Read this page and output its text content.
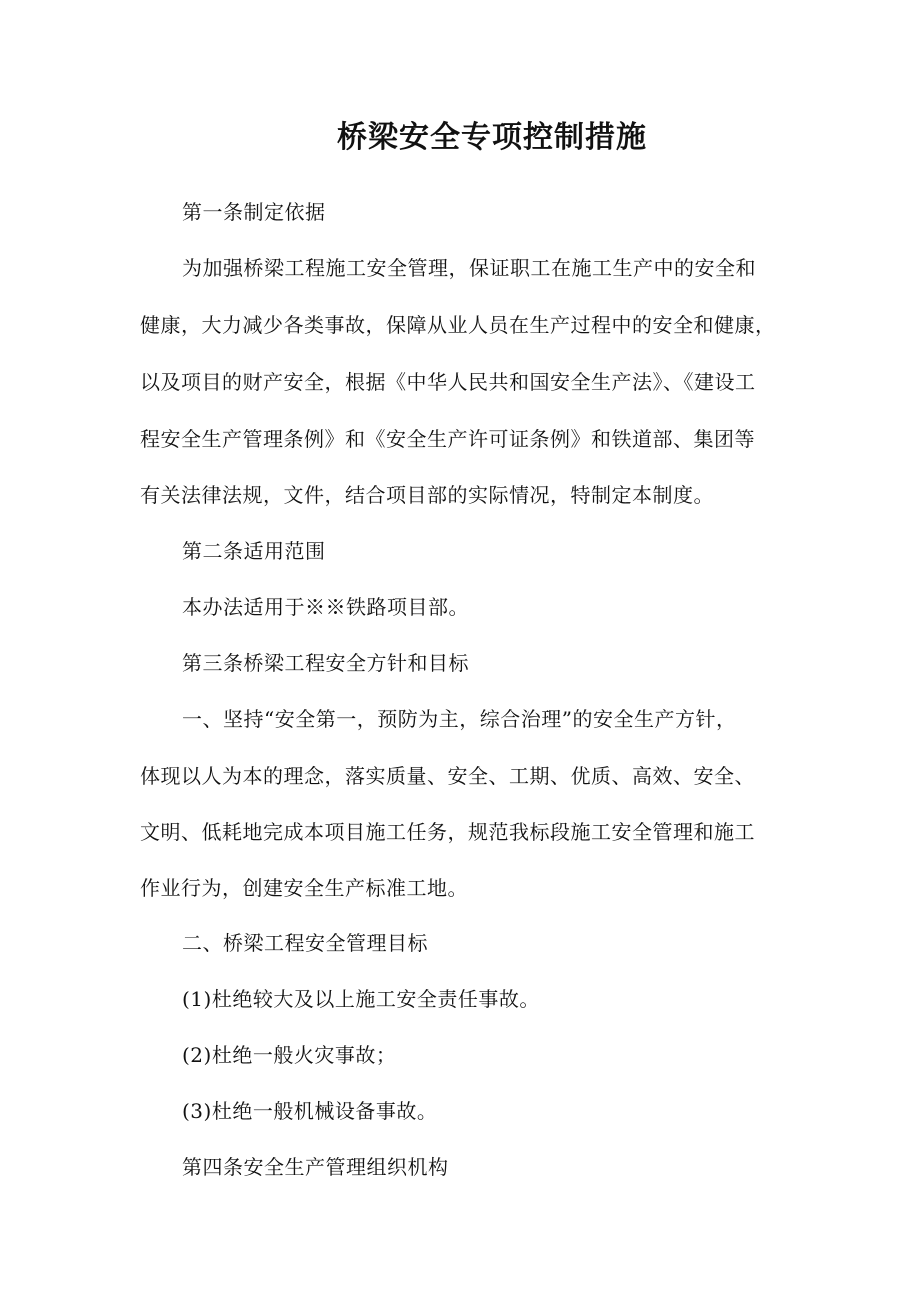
桥梁安全专项控制措施
第一条制定依据
为加强桥梁工程施工安全管理，保证职工在施工生产中的安全和
健康，大力减少各类事故，保障从业人员在生产过程中的安全和健康，
以及项目的财产安全，根据《中华人民共和国安全生产法》、《建设工
程安全生产管理条例》和《安全生产许可证条例》和铁道部、集团等
有关法律法规，文件，结合项目部的实际情况，特制定本制度。
第二条适用范围
本办法适用于※※铁路项目部。
第三条桥梁工程安全方针和目标
一、坚持“安全第一，预防为主，综合治理”的安全生产方针，
体现以人为本的理念，落实质量、安全、工期、优质、高效、安全、
文明、低耗地完成本项目施工任务，规范我标段施工安全管理和施工
作业行为，创建安全生产标准工地。
二、桥梁工程安全管理目标
(1)杜绝较大及以上施工安全责任事故。
(2)杜绝一般火灾事故；
(3)杜绝一般机械设备事故。
第四条安全生产管理组织机构
